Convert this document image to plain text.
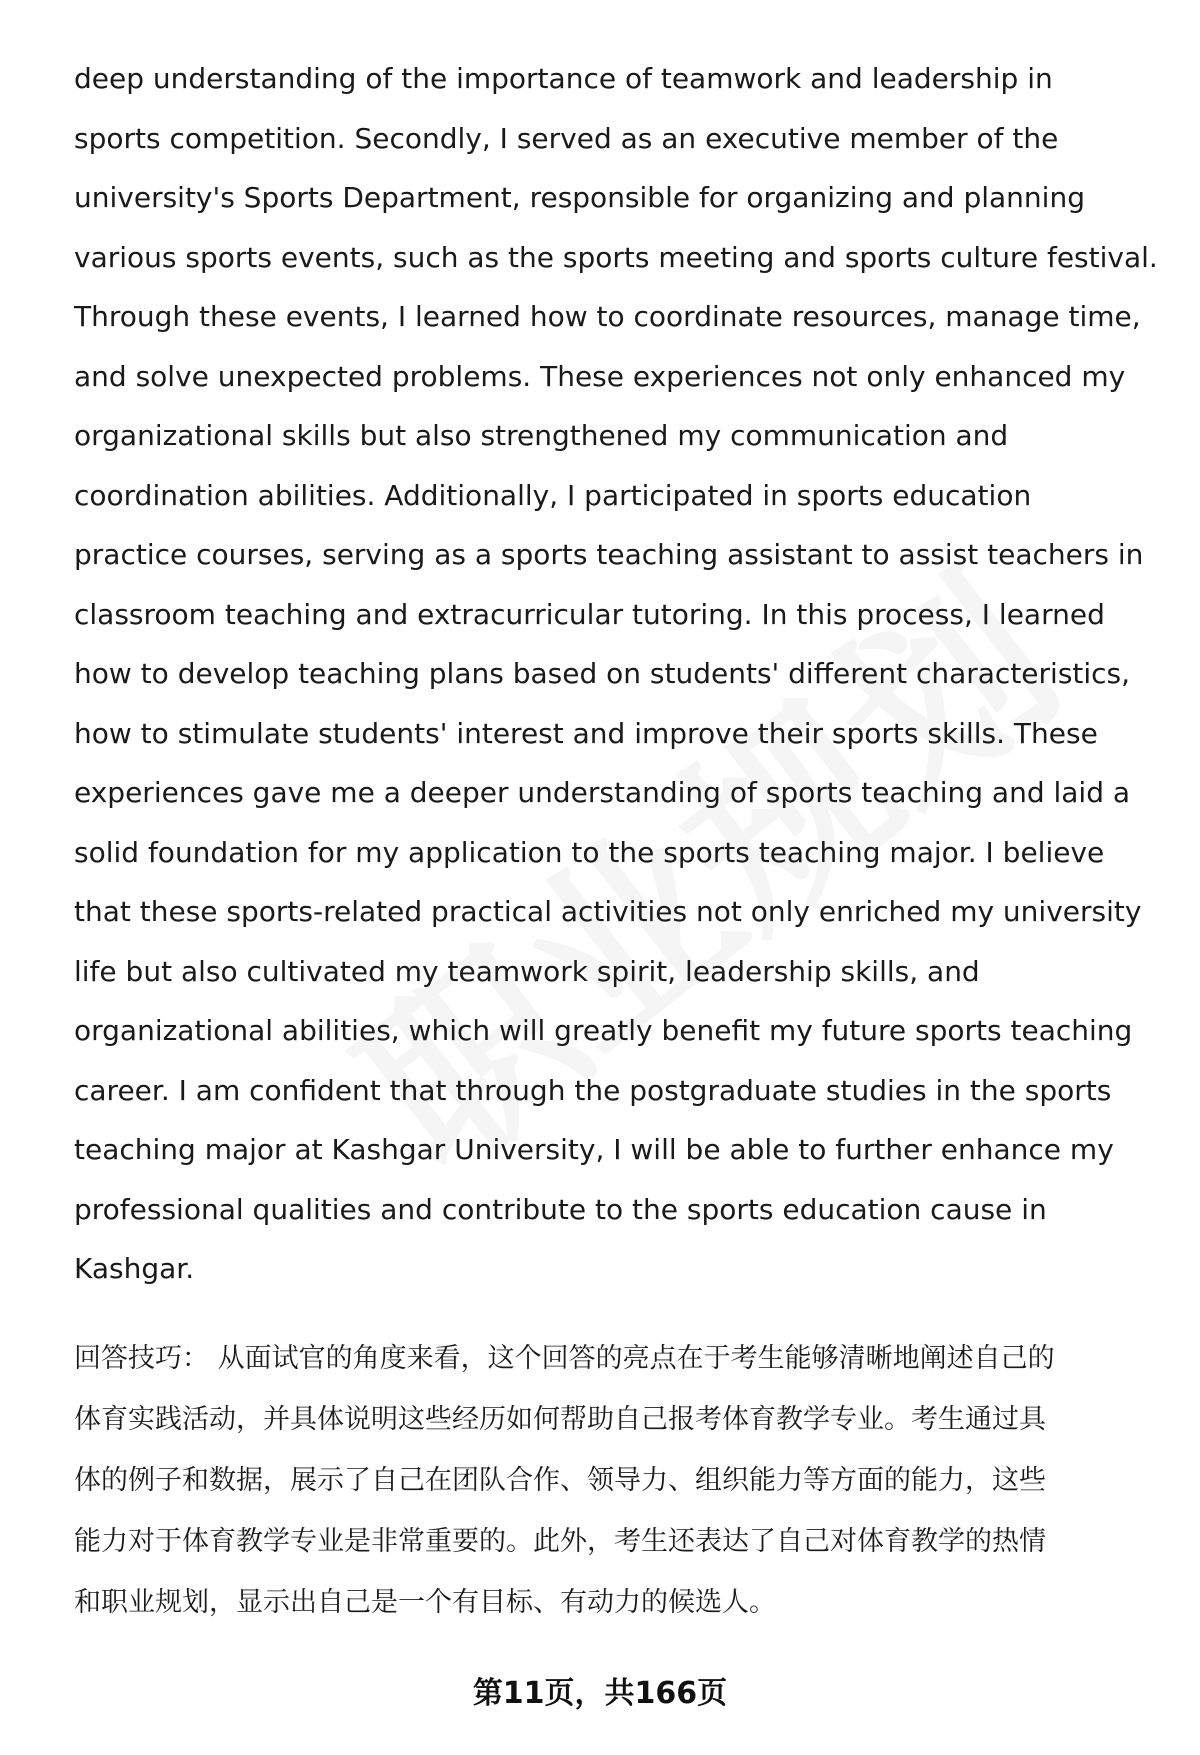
deep understanding of the importance of teamwork and leadership in
sports competition. Secondly, I served as an executive member of the
university's Sports Department, responsible for organizing and planning
various sports events, such as the sports meeting and sports culture festival.
Through these events, I learned how to coordinate resources, manage time,
and solve unexpected problems. These experiences not only enhanced my
organizational skills but also strengthened my communication and
coordination abilities. Additionally, I participated in sports education
practice courses, serving as a sports teaching assistant to assist teachers in
classroom teaching and extracurricular tutoring. In this process, I learned
how to develop teaching plans based on students' different characteristics,
how to stimulate students' interest and improve their sports skills. These
experiences gave me a deeper understanding of sports teaching and laid a
solid foundation for my application to the sports teaching major. I believe
that these sports-related practical activities not only enriched my university
life but also cultivated my teamwork spirit, leadership skills, and
organizational abilities, which will greatly benefit my future sports teaching
career. I am confident that through the postgraduate studies in the sports
teaching major at Kashgar University, I will be able to further enhance my
professional qualities and contribute to the sports education cause in
Kashgar.
回答技巧： 从面试官的角度来看，这个回答的亮点在于考生能够清晰地阐述自己的
体育实践活动，并具体说明这些经历如何帮助自己报考体育教学专业。考生通过具
体的例子和数据，展示了自己在团队合作、领导力、组织能力等方面的能力，这些
能力对于体育教学专业是非常重要的。此外，考生还表达了自己对体育教学的热情
和职业规划，显示出自己是一个有目标、有动力的候选人。
第11页，共166页
